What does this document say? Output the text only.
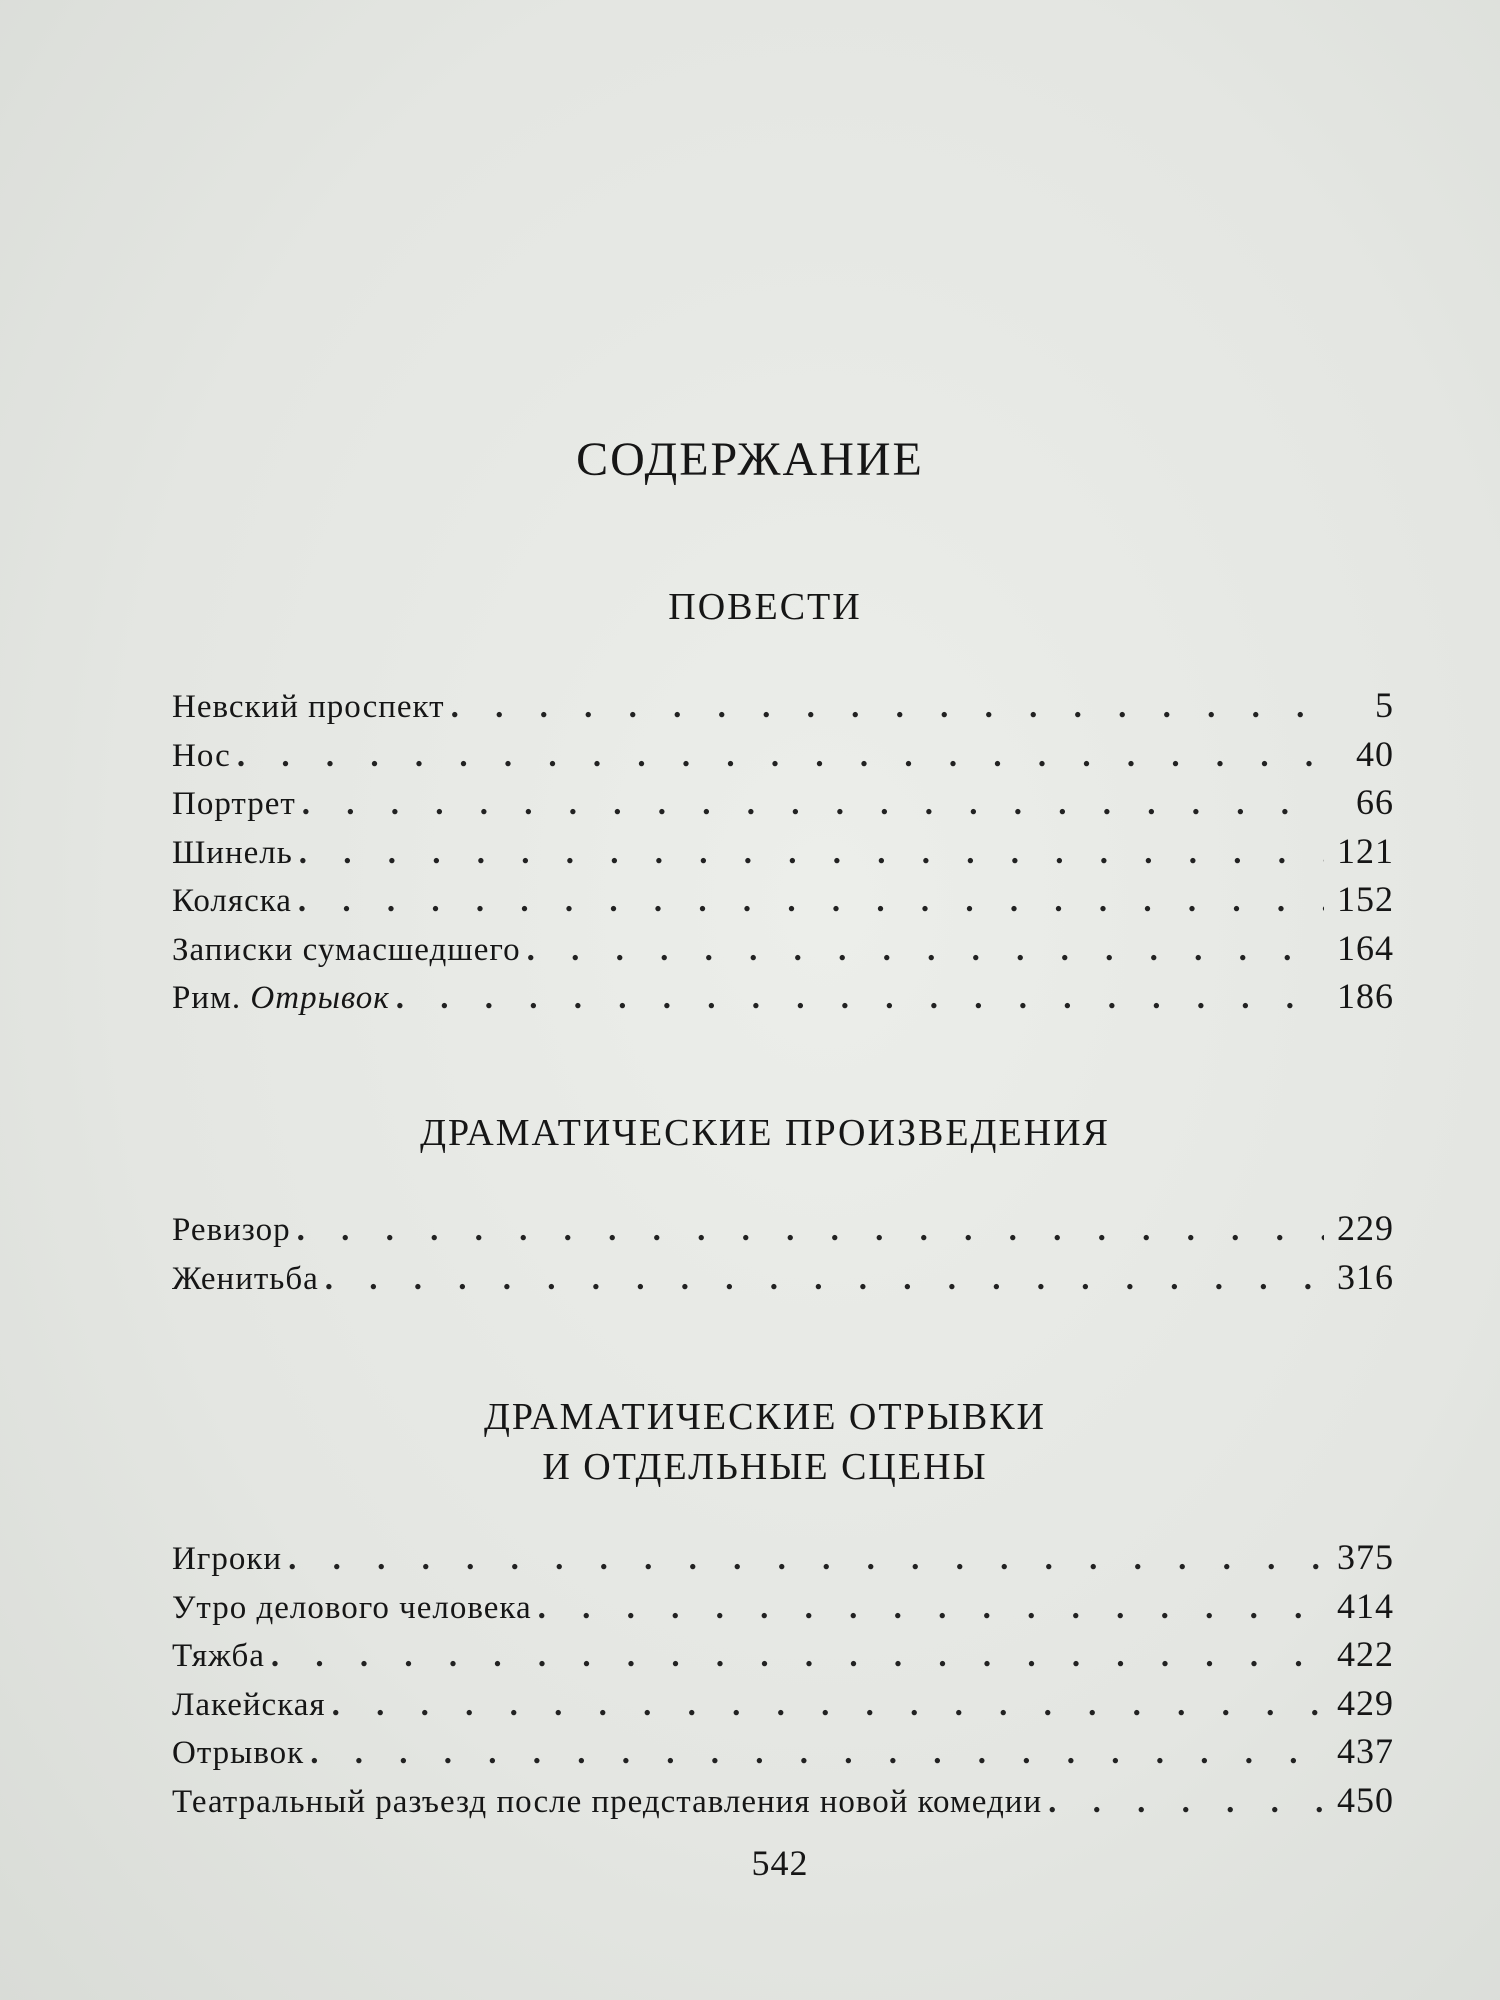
СОДЕРЖАНИЕ
ПОВЕСТИ
Невский проспект . . .	5
Нос . . .	40
Портрет . . .	66
Шинель . . .	121
Коляска . . .	152
Записки сумасшедшего . . .	164
Рим. Отрывок . . .	186
ДРАМАТИЧЕСКИЕ ПРОИЗВЕДЕНИЯ
Ревизор . . .	229
Женитьба . . .	316
ДРАМАТИЧЕСКИЕ ОТРЫВКИ
И ОТДЕЛЬНЫЕ СЦЕНЫ
Игроки . . .	375
Утро делового человека . . .	414
Тяжба . . .	422
Лакейская . . .	429
Отрывок . . .	437
Театральный разъезд после представления новой комедии . . .	450
542
